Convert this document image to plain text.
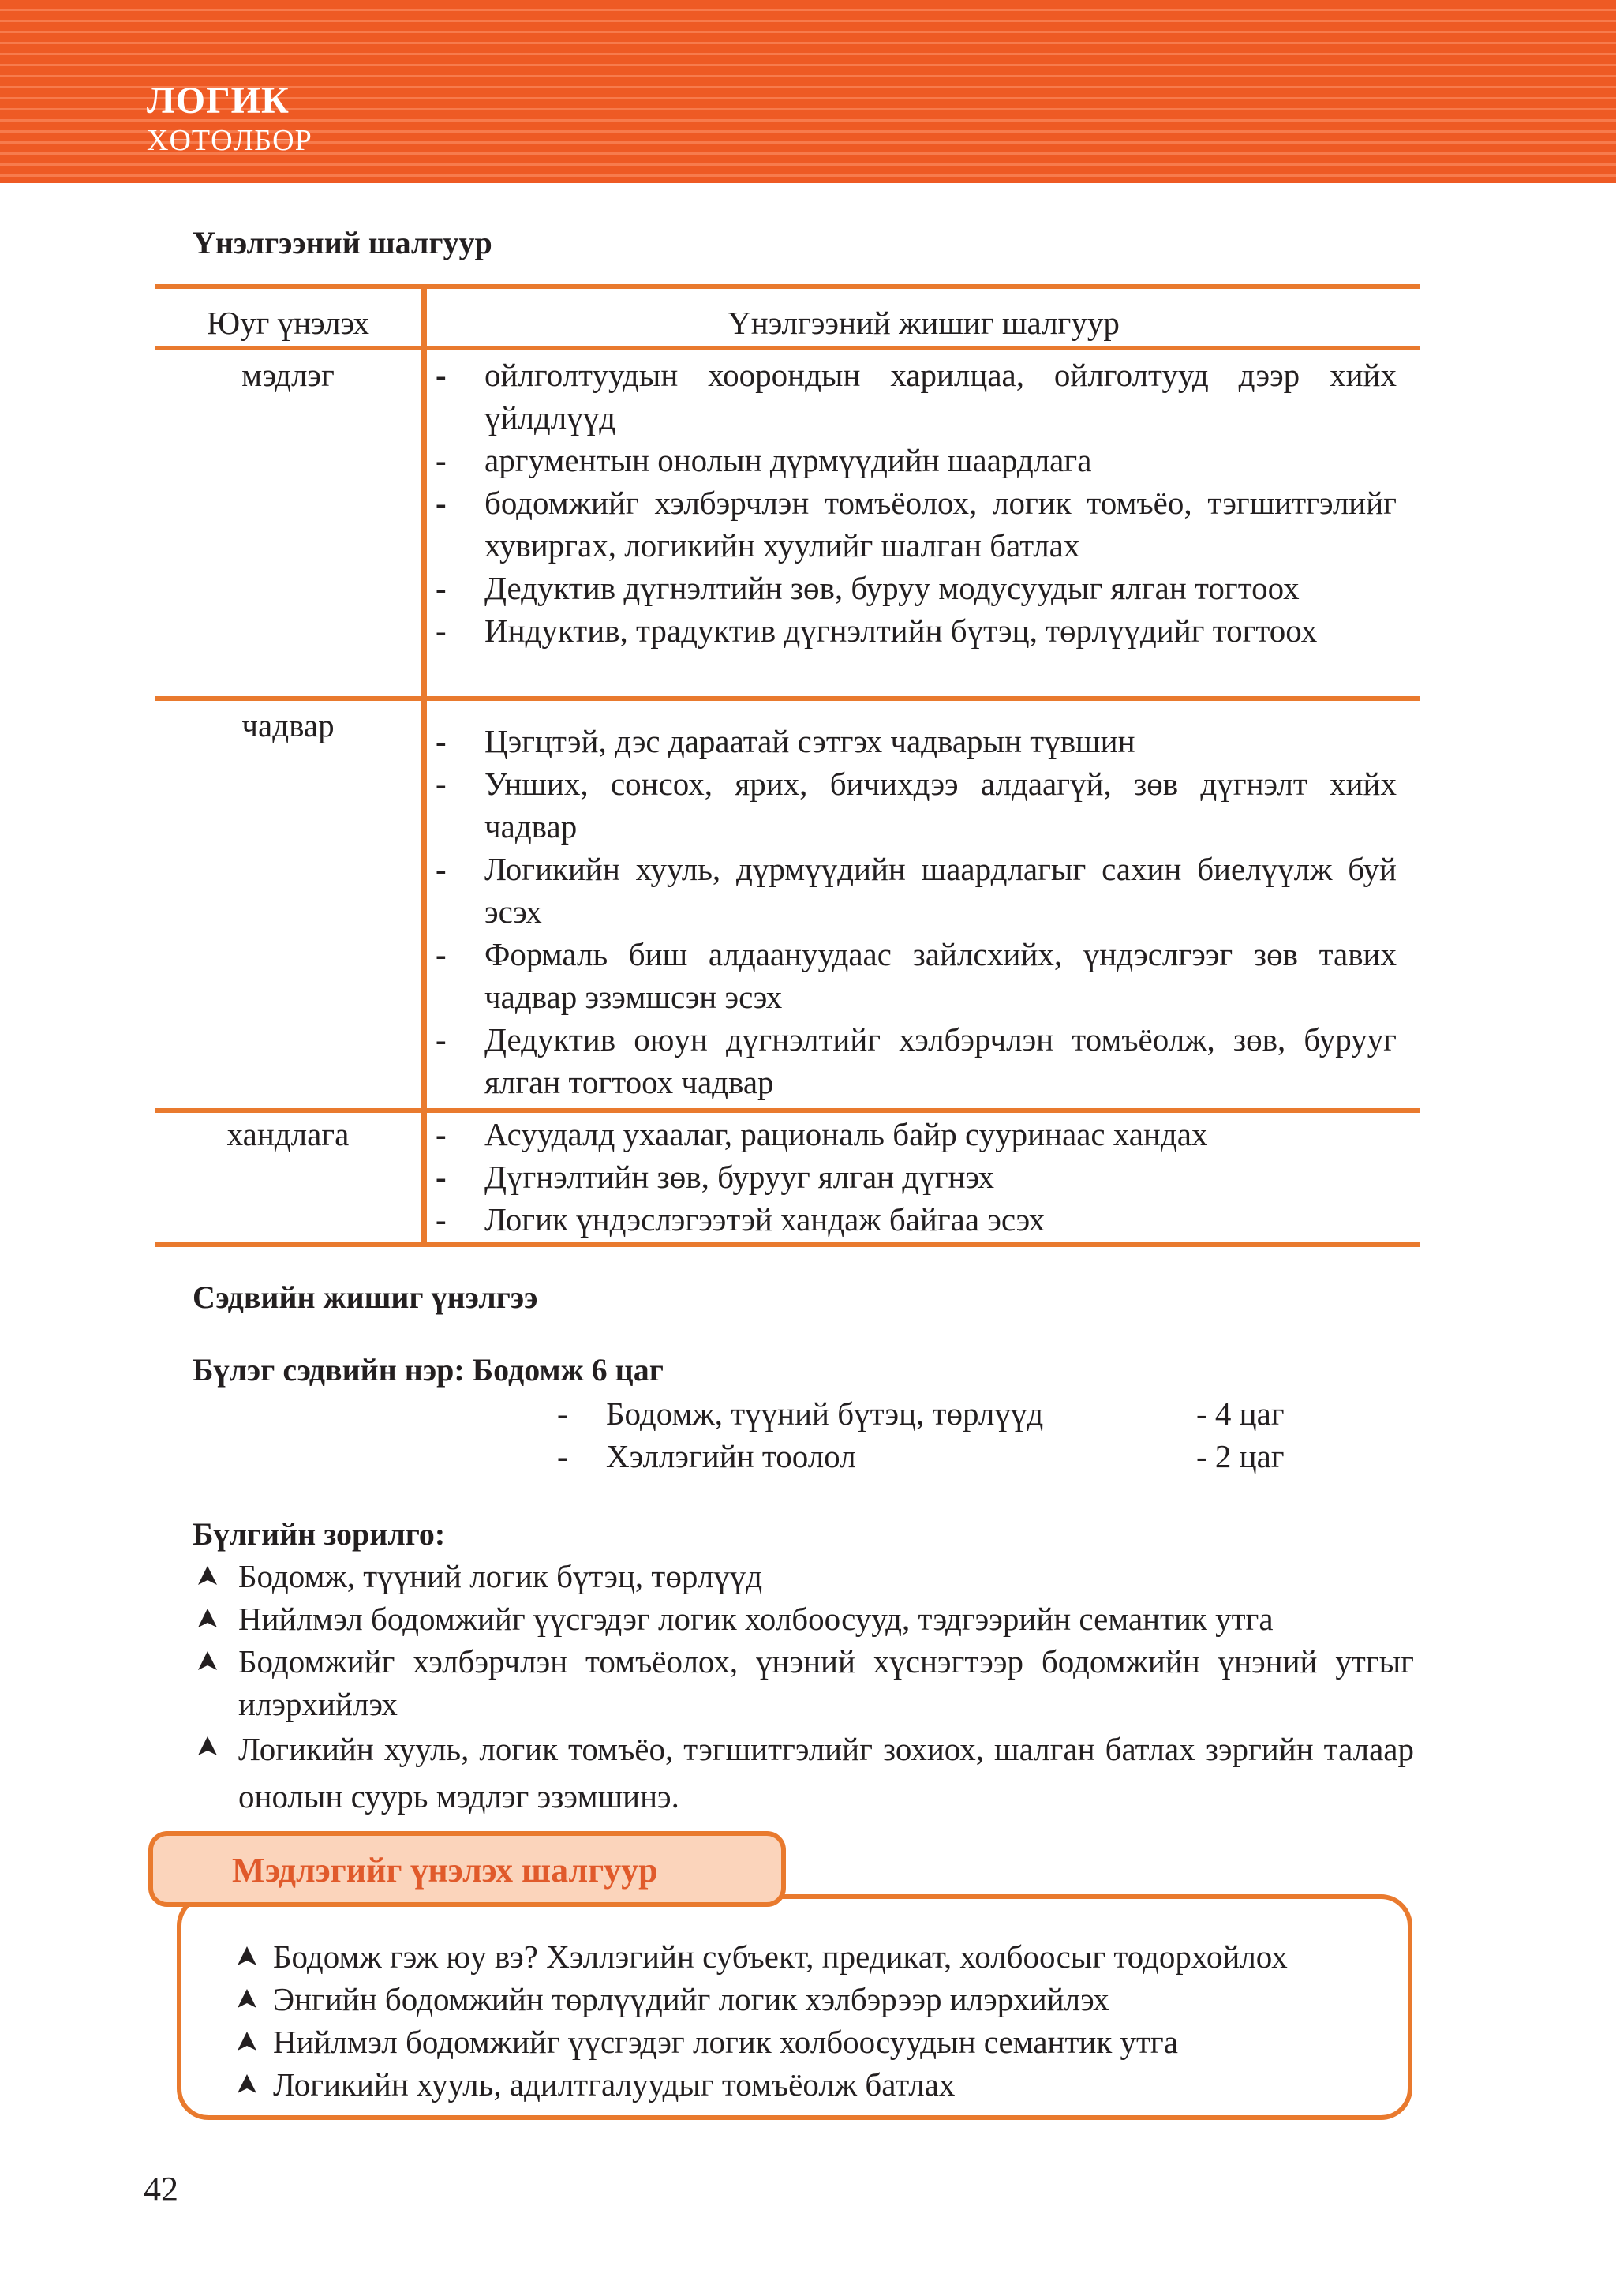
ЛОГИК
ХӨТӨЛБӨР
Үнэлгээний шалгуур
Юуг үнэлэх	Үнэлгээний жишиг шалгуур
мэдлэг	- ойлголтуудын хоорондын харилцаа, ойлголтууд дээр хийх үйлдлүүд
- аргументын онолын дүрмүүдийн шаардлага
- бодомжийг хэлбэрчлэн томъёолох, логик томъёо, тэгшитгэлийг хувиргах, логикийн хуулийг шалган батлах
- Дедуктив дүгнэлтийн зөв, буруу модусуудыг ялган тогтоох
- Индуктив, традуктив дүгнэлтийн бүтэц, төрлүүдийг тогтоох
чадвар	- Цэгцтэй, дэс дараатай сэтгэх чадварын түвшин
- Унших, сонсох, ярих, бичихдээ алдаагүй, зөв дүгнэлт хийх чадвар
- Логикийн хууль, дүрмүүдийн шаардлагыг сахин биелүүлж буй эсэх
- Формаль биш алдаануудаас зайлсхийх, үндэслгээг зөв тавих чадвар эзэмшсэн эсэх
- Дедуктив оюун дүгнэлтийг хэлбэрчлэн томъёолж, зөв, бурууг ялган тогтоох чадвар
хандлага	- Асуудалд ухаалаг, рациональ байр сууринаас хандах
- Дүгнэлтийн зөв, бурууг ялган дүгнэх
- Логик үндэслэгээтэй хандаж байгаа эсэх
Сэдвийн жишиг үнэлгээ
Бүлэг сэдвийн нэр: Бодомж 6 цаг
- Бодомж, түүний бүтэц, төрлүүд	- 4 цаг
- Хэллэгийн тоолол	- 2 цаг
Бүлгийн зорилго:
Бодомж, түүний логик бүтэц, төрлүүд
Нийлмэл бодомжийг үүсгэдэг логик холбоосууд, тэдгээрийн семантик утга
Бодомжийг хэлбэрчлэн томъёолох, үнэний хүснэгтээр бодомжийн үнэний утгыг илэрхийлэх
Логикийн хууль, логик томъёо, тэгшитгэлийг зохиох, шалган батлах зэргийн талаар онолын суурь мэдлэг эзэмшинэ.
Мэдлэгийг үнэлэх шалгуур
Бодомж гэж юу вэ? Хэллэгийн субъект, предикат, холбоосыг тодорхойлох
Энгийн бодомжийн төрлүүдийг логик хэлбэрээр илэрхийлэх
Нийлмэл бодомжийг үүсгэдэг логик холбоосуудын семантик утга
Логикийн хууль, адилтгалуудыг томъёолж батлах
42
